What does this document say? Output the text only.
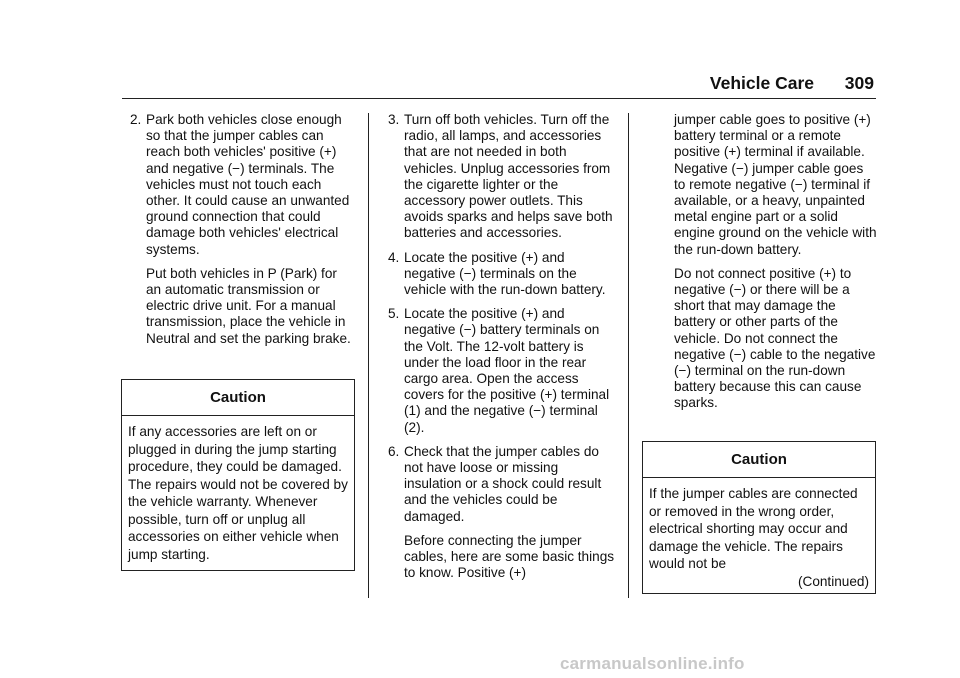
Vehicle Care 309
2. Park both vehicles close enough so that the jumper cables can reach both vehicles' positive (+) and negative (−) terminals. The vehicles must not touch each other. It could cause an unwanted ground connection that could damage both vehicles' electrical systems.

Put both vehicles in P (Park) for an automatic transmission or electric drive unit. For a manual transmission, place the vehicle in Neutral and set the parking brake.

Caution
If any accessories are left on or plugged in during the jump starting procedure, they could be damaged. The repairs would not be covered by the vehicle warranty. Whenever possible, turn off or unplug all accessories on either vehicle when jump starting.
3. Turn off both vehicles. Turn off the radio, all lamps, and accessories that are not needed in both vehicles. Unplug accessories from the cigarette lighter or the accessory power outlets. This avoids sparks and helps save both batteries and accessories.

4. Locate the positive (+) and negative (−) terminals on the vehicle with the run-down battery.

5. Locate the positive (+) and negative (−) battery terminals on the Volt. The 12-volt battery is under the load floor in the rear cargo area. Open the access covers for the positive (+) terminal (1) and the negative (−) terminal (2).

6. Check that the jumper cables do not have loose or missing insulation or a shock could result and the vehicles could be damaged.

Before connecting the jumper cables, here are some basic things to know. Positive (+)

jumper cable goes to positive (+) battery terminal or a remote positive (+) terminal if available. Negative (−) jumper cable goes to remote negative (−) terminal if available, or a heavy, unpainted metal engine part or a solid engine ground on the vehicle with the run-down battery.

Do not connect positive (+) to negative (−) or there will be a short that may damage the battery or other parts of the vehicle. Do not connect the negative (−) cable to the negative (−) terminal on the run-down battery because this can cause sparks.

Caution
If the jumper cables are connected or removed in the wrong order, electrical shorting may occur and damage the vehicle. The repairs would not be
(Continued)
carmanualsonline.info
